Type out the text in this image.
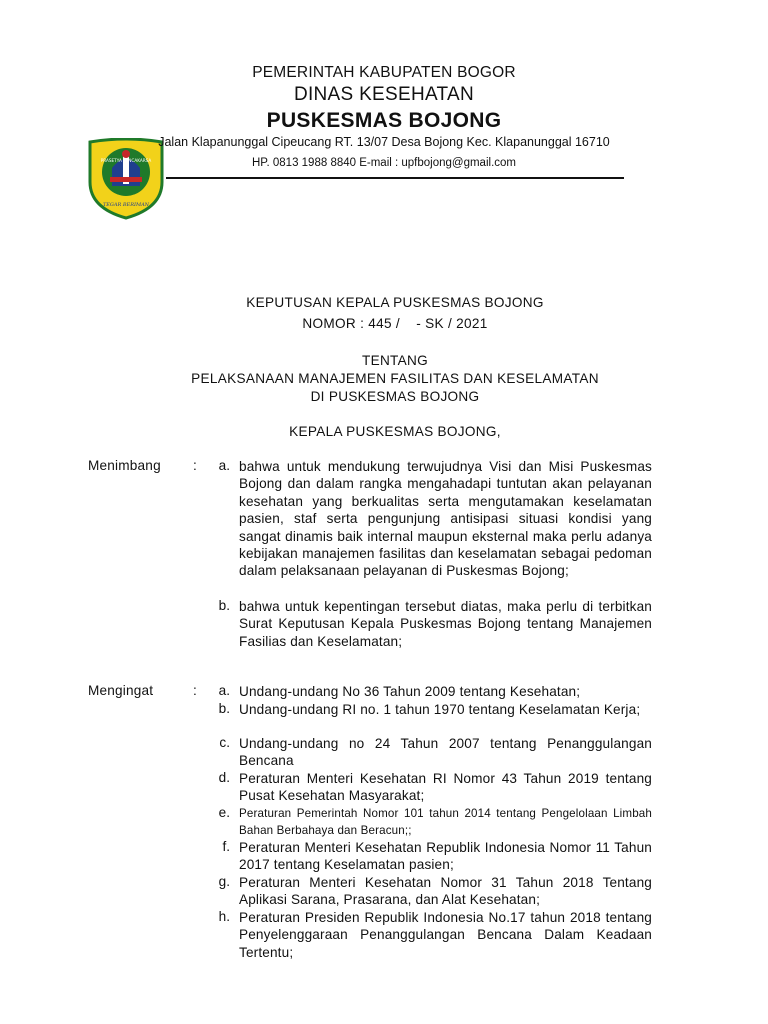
PRASETYA PANCAKARSA
TEGAR BERIMAN
PEMERINTAH KABUPATEN BOGOR
DINAS KESEHATAN
PUSKESMAS BOJONG
Jalan Klapanunggal Cipeucang RT. 13/07 Desa Bojong Kec. Klapanunggal 16710
HP. 0813 1988 8840 E-mail : upfbojong@gmail.com
KEPUTUSAN KEPALA PUSKESMAS BOJONG
NOMOR : 445 /    - SK / 2021
TENTANG
PELAKSANAAN MANAJEMEN FASILITAS DAN KESELAMATAN
DI PUSKESMAS BOJONG
KEPALA PUSKESMAS BOJONG,
Menimbang :	a. bahwa untuk mendukung terwujudnya Visi dan Misi Puskesmas Bojong dan dalam rangka mengahadapi tuntutan akan pelayanan kesehatan yang berkualitas serta mengutamakan keselamatan pasien, staf serta pengunjung antisipasi situasi kondisi yang sangat dinamis baik internal maupun eksternal maka perlu adanya kebijakan manajemen fasilitas dan keselamatan sebagai pedoman dalam pelaksanaan pelayanan di Puskesmas Bojong;
b. bahwa untuk kepentingan tersebut diatas, maka perlu di terbitkan Surat Keputusan Kepala Puskesmas Bojong tentang Manajemen Fasilias dan Keselamatan;
Mengingat	:	a. Undang-undang No 36 Tahun 2009 tentang Kesehatan;
b. Undang-undang RI no. 1 tahun 1970 tentang Keselamatan Kerja;
c. Undang-undang no 24 Tahun 2007 tentang Penanggulangan Bencana
d. Peraturan Menteri Kesehatan RI Nomor 43 Tahun 2019 tentang Pusat Kesehatan Masyarakat;
e. Peraturan Pemerintah Nomor 101 tahun 2014 tentang Pengelolaan Limbah Bahan Berbahaya dan Beracun;;
f. Peraturan Menteri Kesehatan Republik Indonesia Nomor 11 Tahun 2017 tentang Keselamatan pasien;
g. Peraturan Menteri Kesehatan Nomor 31 Tahun 2018 Tentang Aplikasi Sarana, Prasarana, dan Alat Kesehatan;
h. Peraturan Presiden Republik Indonesia No.17 tahun 2018 tentang Penyelenggaraan Penanggulangan Bencana Dalam Keadaan Tertentu;
